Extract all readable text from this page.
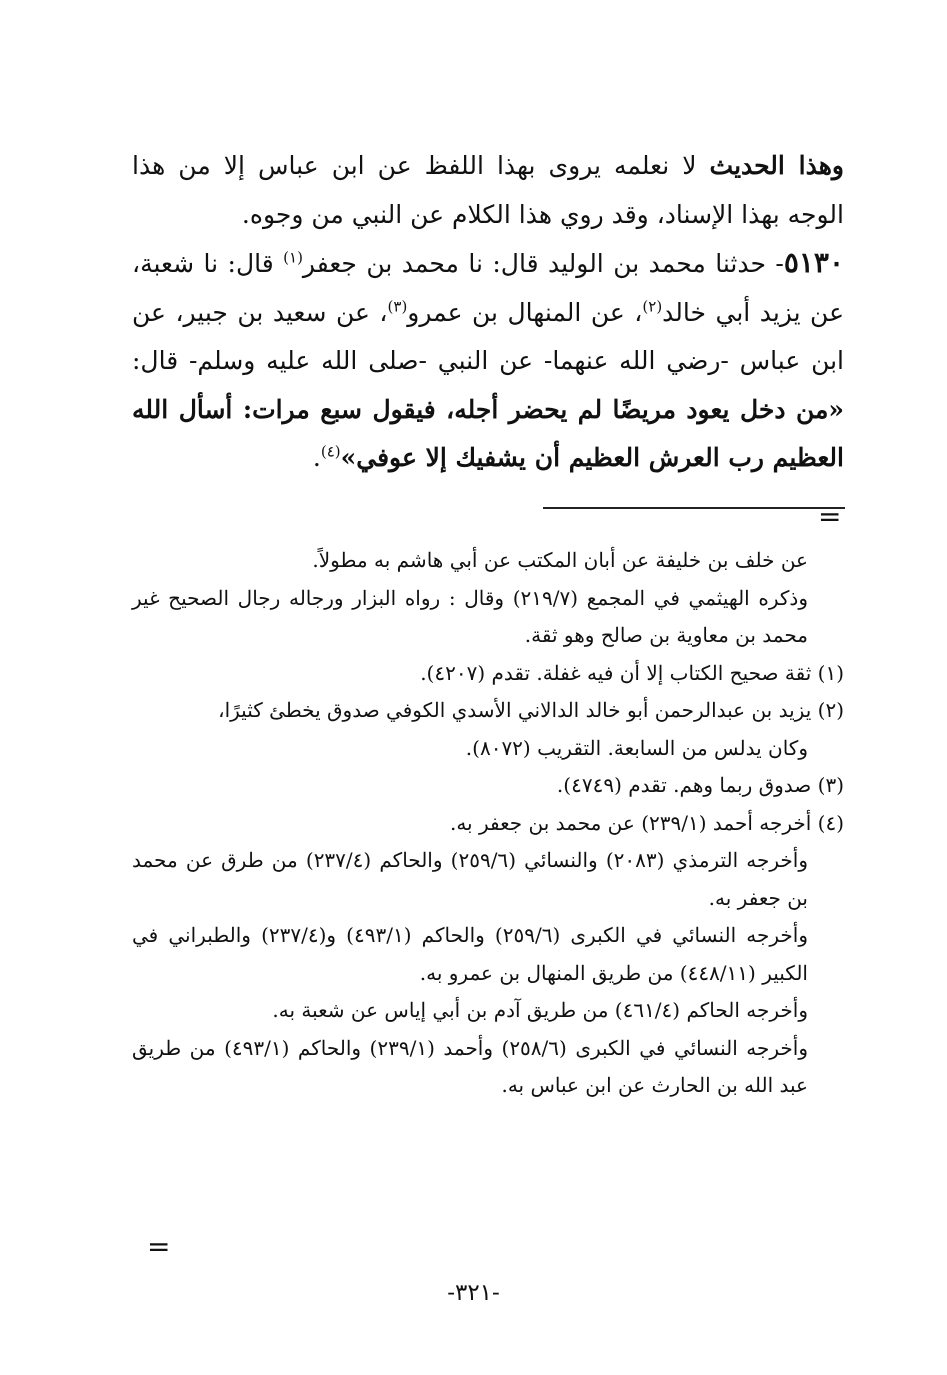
وهذا الحديث لا نعلمه يروى بهذا اللفظ عن ابن عباس إلا من هذا الوجه بهذا الإسناد، وقد روي هذا الكلام عن النبي من وجوه.

٥١٣٠- حدثنا محمد بن الوليد قال: نا محمد بن جعفر$^{(١)}$ قال: نا شعبة، عن يزيد أبي خالد$^{(٢)}$، عن المنهال بن عمرو$^{(٣)}$، عن سعيد بن جبير، عن ابن عباس -رضي الله عنهما- عن النبي -صلى الله عليه وسلم- قال: «من دخل يعود مريضًا لم يحضر أجله، فيقول سبع مرات: أسأل الله العظيم رب العرش العظيم أن يشفيك إلا عوفي»$^{(٤)}$.

=

عن خلف بن خليفة عن أبان المكتب عن أبي هاشم به مطولاً.

وذكره الهيثمي في المجمع (٢١٩/٧) وقال : رواه البزار ورجاله رجال الصحيح غير محمد بن معاوية بن صالح وهو ثقة.

(١) ثقة صحيح الكتاب إلا أن فيه غفلة. تقدم (٤٢٠٧).

(٢) يزيد بن عبدالرحمن أبو خالد الدالاني الأسدي الكوفي صدوق يخطئ كثيرًا،

وكان يدلس من السابعة. التقريب (٨٠٧٢).

(٣) صدوق ربما وهم. تقدم (٤٧٤٩).

(٤) أخرجه أحمد (٢٣٩/١) عن محمد بن جعفر به.

وأخرجه الترمذي (٢٠٨٣) والنسائي (٢٥٩/٦) والحاكم (٢٣٧/٤) من طرق عن محمد بن جعفر به.

وأخرجه النسائي في الكبرى (٢٥٩/٦) والحاكم (٤٩٣/١) و(٢٣٧/٤) والطبراني في الكبير (٤٤٨/١١) من طريق المنهال بن عمرو به.

وأخرجه الحاكم (٤٦١/٤) من طريق آدم بن أبي إياس عن شعبة به.

وأخرجه النسائي في الكبرى (٢٥٨/٦) وأحمد (٢٣٩/١) والحاكم (٤٩٣/١) من طريق عبد الله بن الحارث عن ابن عباس به.

=
-٣٢١-
